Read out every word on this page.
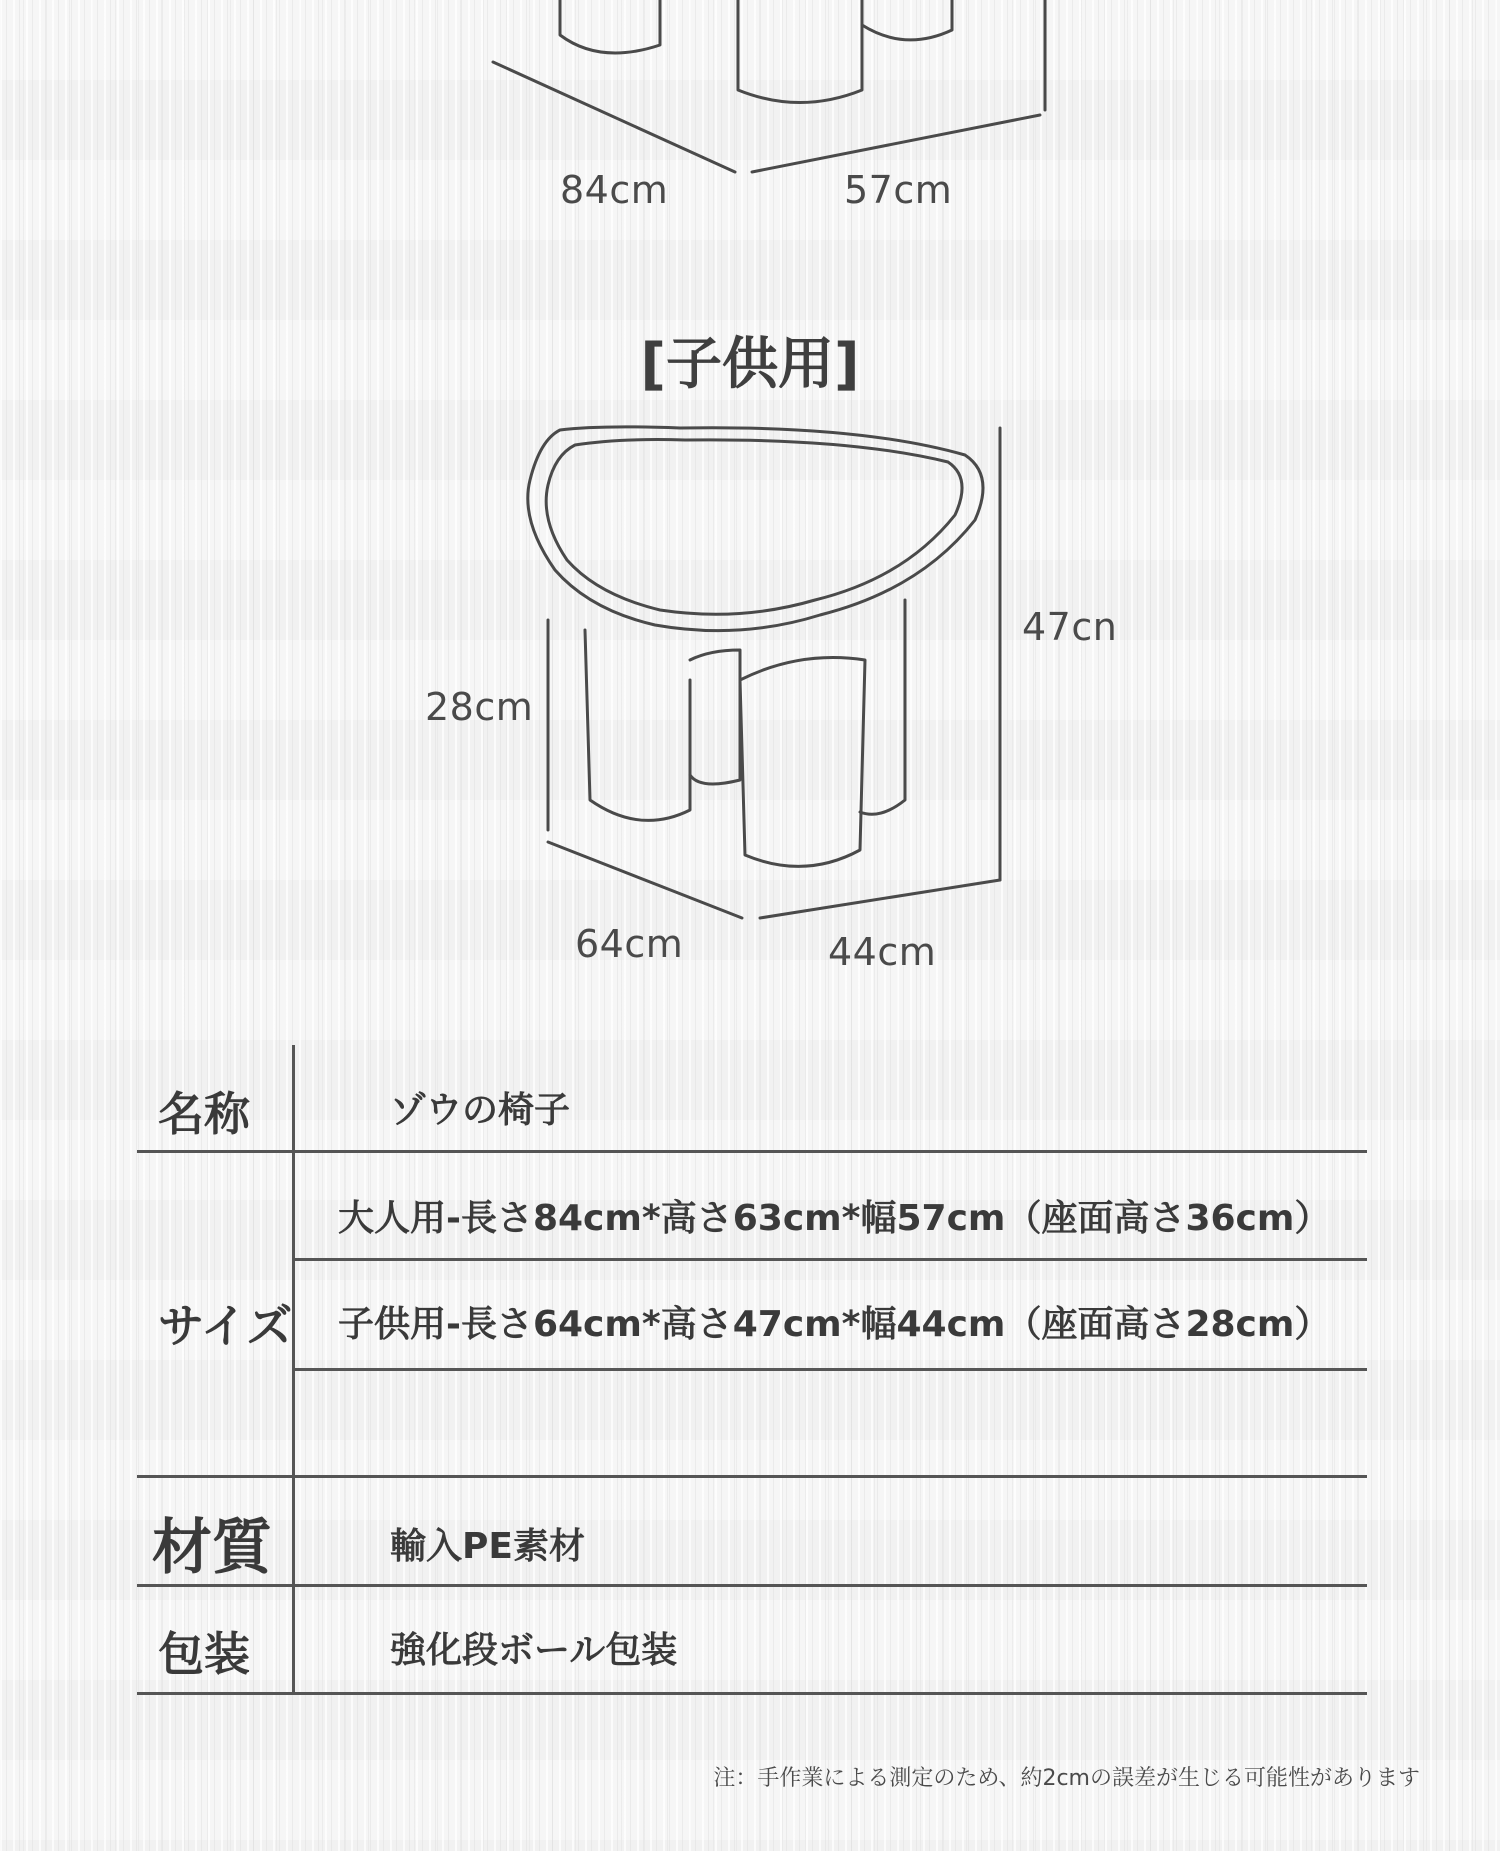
84cm	57cm
[子供用]
47cn
28cm
64cm	44cm
名称	ゾウの椅子
サイズ
大人用-長さ84cm*高さ63cm*幅57cm（座面高さ36cm）
子供用-長さ64cm*高さ47cm*幅44cm（座面高さ28cm）
材質	輸入PE素材
包装	強化段ボール包装
注：手作業による測定のため、約2cmの誤差が生じる可能性があります
